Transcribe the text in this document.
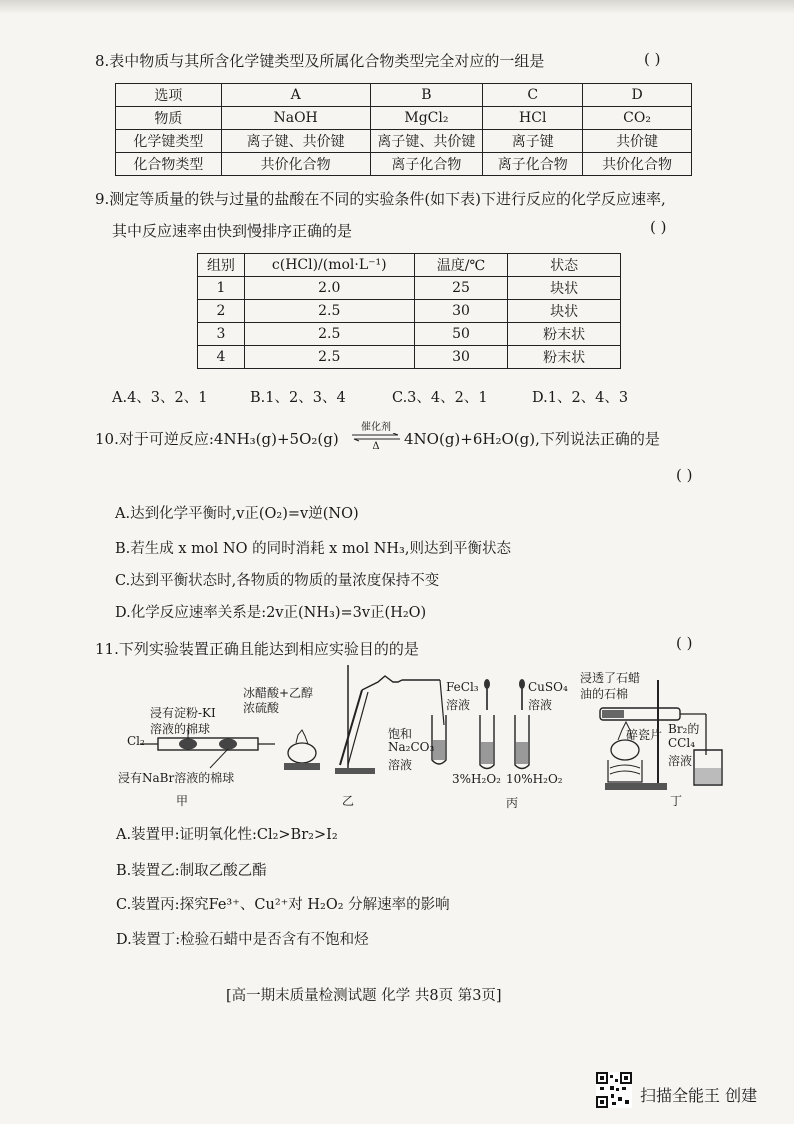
8.表中物质与其所含化学键类型及所属化合物类型完全对应的一组是	( )
选项	A	B	C	D
物质	NaOH	MgCl₂	HCl	CO₂
化学键类型	离子键、共价键	离子键、共价键	离子键	共价键
化合物类型	共价化合物	离子化合物	离子化合物	共价化合物
9.测定等质量的铁与过量的盐酸在不同的实验条件(如下表)下进行反应的化学反应速率,
其中反应速率由快到慢排序正确的是	( )
组别	c(HCl)/(mol·L⁻¹)	温度/℃	状态
1	2.0	25	块状
2	2.5	30	块状
3	2.5	50	粉末状
4	2.5	30	粉末状
A.4、3、2、1	B.1、2、3、4	C.3、4、2、1	D.1、2、4、3
10.对于可逆反应:4NH₃(g)+5O₂(g)
催化剂
Δ	4NO(g)+6H₂O(g),下列说法正确的是
( )
A.达到化学平衡时,v正(O₂)=v逆(NO)
B.若生成 x mol NO 的同时消耗 x mol NH₃,则达到平衡状态
C.达到平衡状态时,各物质的物质的量浓度保持不变
D.化学反应速率关系是:2v正(NH₃)=3v正(H₂O)
11.下列实验装置正确且能达到相应实验目的的是	( )
浸有淀粉-KI
溶液的棉球
Cl₂
浸有NaBr溶液的棉球
甲
冰醋酸+乙醇
浓硫酸
饱和
Na₂CO₃
溶液
乙
FeCl₃
溶液
CuSO₄
溶液
3%H₂O₂ 10%H₂O₂
丙
浸透了石蜡
油的石棉
碎瓷片 Br₂的
CCl₄
溶液
丁
A.装置甲:证明氧化性:Cl₂>Br₂>I₂
B.装置乙:制取乙酸乙酯
C.装置丙:探究Fe³⁺、Cu²⁺对 H₂O₂ 分解速率的影响
D.装置丁:检验石蜡中是否含有不饱和烃
[高一期末质量检测试题 化学 共8页 第3页]
扫描全能王 创建
